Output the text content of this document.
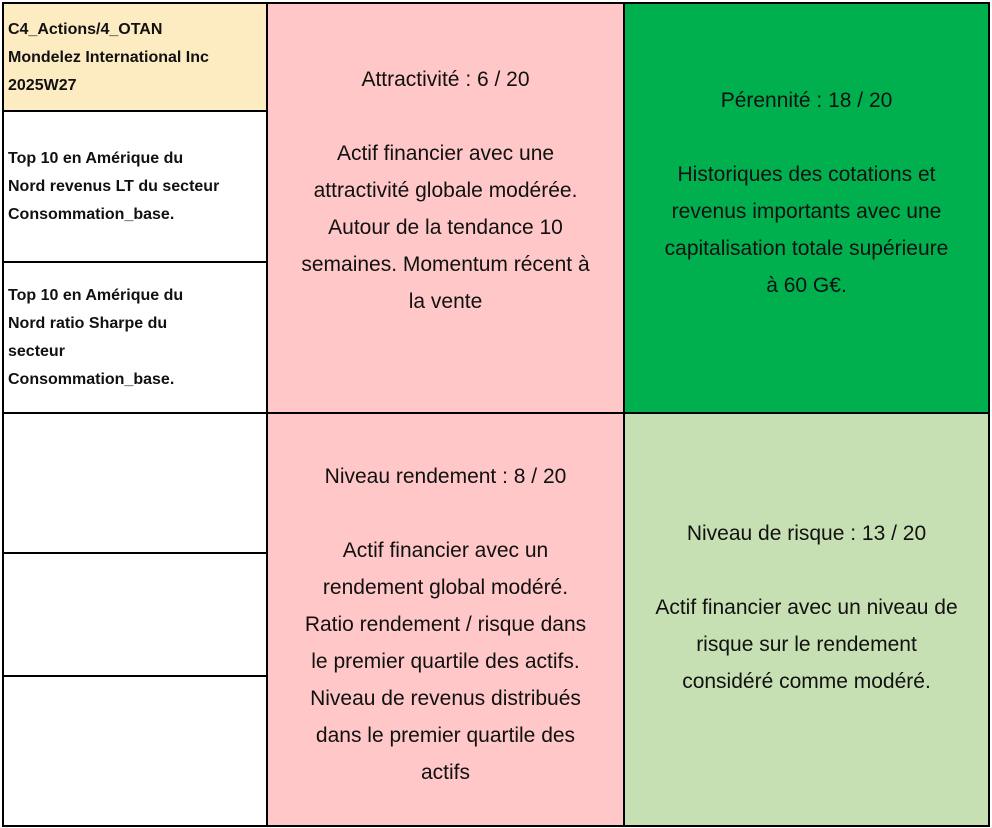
C4_Actions/4_OTAN
Mondelez International Inc
2025W27
Top 10 en Amérique du
Nord revenus LT du secteur
Consommation_base.
Top 10 en Amérique du
Nord ratio Sharpe du
secteur
Consommation_base.
Attractivité : 6 / 20
Actif financier avec une
attractivité globale modérée.
Autour de la tendance 10
semaines. Momentum récent à
la vente
Pérennité : 18 / 20
Historiques des cotations et
revenus importants avec une
capitalisation totale supérieure
à 60 G€.
Niveau rendement : 8 / 20
Actif financier avec un
rendement global modéré.
Ratio rendement / risque dans
le premier quartile des actifs.
Niveau de revenus distribués
dans le premier quartile des
actifs
Niveau de risque : 13 / 20
Actif financier avec un niveau de
risque sur le rendement
considéré comme modéré.
